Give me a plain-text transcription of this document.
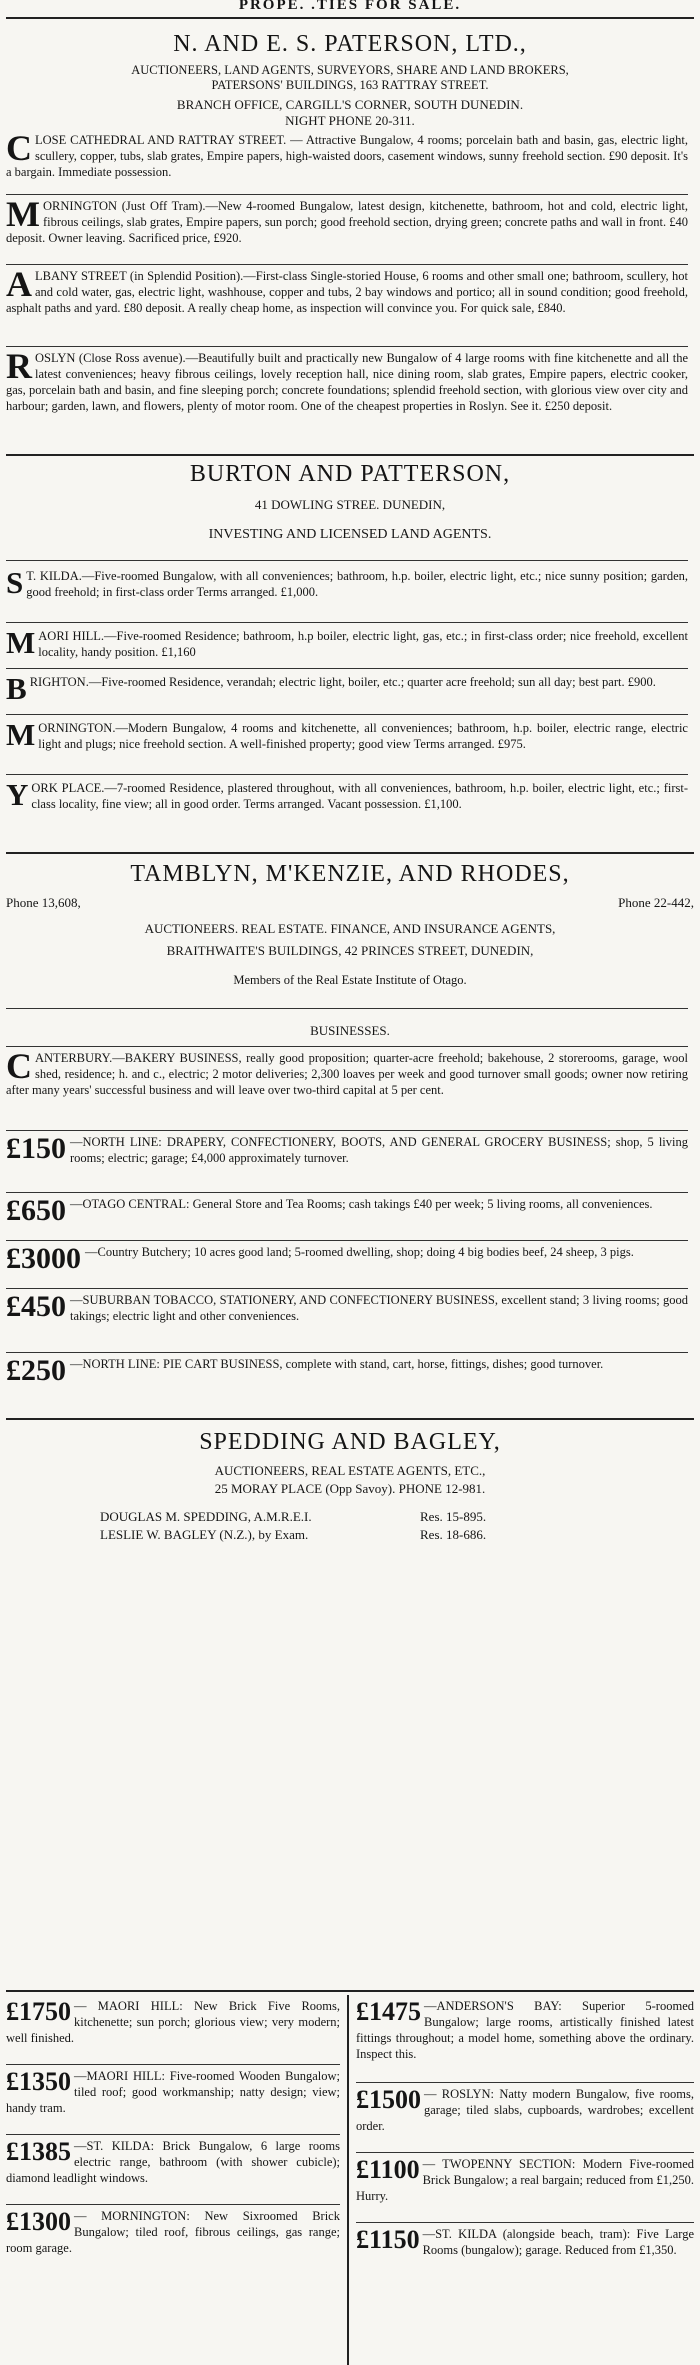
PROPE. .TIES FOR SALE.
N. AND E. S. PATERSON, LTD.,
AUCTIONEERS, LAND AGENTS, SURVEYORS, SHARE AND LAND BROKERS,
PATERSONS' BUILDINGS, 163 RATTRAY STREET.
BRANCH OFFICE, CARGILL'S CORNER, SOUTH DUNEDIN.
NIGHT PHONE 20-311.
CLOSE CATHEDRAL AND RATTRAY STREET. — Attractive Bungalow, 4 rooms; porcelain bath and basin, gas, electric light, scullery, copper, tubs, slab grates, Empire papers, high-waisted doors, casement windows, sunny freehold section. £90 deposit. It's a bargain. Immediate possession.
MORNINGTON (Just Off Tram).—New 4-roomed Bungalow, latest design, kitchenette, bathroom, hot and cold, electric light, fibrous ceilings, slab grates, Empire papers, sun porch; good freehold section, drying green; concrete paths and wall in front. £40 deposit. Owner leaving. Sacrificed price, £920.
ALBANY STREET (in Splendid Position).—First-class Single-storied House, 6 rooms and other small one; bathroom, scullery, hot and cold water, gas, electric light, washhouse, copper and tubs, 2 bay windows and portico; all in sound condition; good freehold, asphalt paths and yard. £80 deposit. A really cheap home, as inspection will convince you. For quick sale, £840.
ROSLYN (Close Ross avenue).—Beautifully built and practically new Bungalow of 4 large rooms with fine kitchenette and all the latest conveniences; heavy fibrous ceilings, lovely reception hall, nice dining room, slab grates, Empire papers, electric cooker, gas, porcelain bath and basin, and fine sleeping porch; concrete foundations; splendid freehold section, with glorious view over city and harbour; garden, lawn, and flowers, plenty of motor room. One of the cheapest properties in Roslyn. See it. £250 deposit.
BURTON AND PATTERSON,
41 DOWLING STREE. DUNEDIN,
INVESTING AND LICENSED LAND AGENTS.
S T. KILDA.—Five-roomed Bungalow, with all conveniences; bathroom, h.p. boiler, electric light, etc.; nice sunny position; garden, good freehold; in first-class order Terms arranged. £1,000.
MAORI HILL.—Five-roomed Residence; bathroom, h.p boiler, electric light, gas, etc.; in first-class order; nice freehold, excellent locality, handy position. £1,160
BRIGHTON.—Five-roomed Residence, verandah; electric light, boiler, etc.; quarter acre freehold; sun all day; best part. £900.
MORNINGTON.—Modern Bungalow, 4 rooms and kitchenette, all conveniences; bathroom, h.p. boiler, electric range, electric light and plugs; nice freehold section. A well-finished property; good view Terms arranged. £975.
YORK PLACE.—7-roomed Residence, plastered throughout, with all conveniences, bathroom, h.p. boiler, electric light, etc.; first-class locality, fine view; all in good order. Terms arranged. Vacant possession. £1,100.
TAMBLYN, M'KENZIE, AND RHODES,
Phone 13,608,	Phone 22-442,
AUCTIONEERS. REAL ESTATE. FINANCE, AND INSURANCE AGENTS,
BRAITHWAITE'S BUILDINGS, 42 PRINCES STREET, DUNEDIN,
Members of the Real Estate Institute of Otago.
BUSINESSES.
CANTERBURY.—BAKERY BUSINESS, really good proposition; quarter-acre freehold; bakehouse, 2 storerooms, garage, wool shed, residence; h. and c., electric; 2 motor deliveries; 2,300 loaves per week and good turnover small goods; owner now retiring after many years' successful business and will leave over two-third capital at 5 per cent.
£150 —NORTH LINE: DRAPERY, CONFECTIONERY, BOOTS, AND GENERAL GROCERY BUSINESS; shop, 5 living rooms; electric; garage; £4,000 approximately turnover.
£650 —OTAGO CENTRAL: General Store and Tea Rooms; cash takings £40 per week; 5 living rooms, all conveniences.
£3000 —Country Butchery; 10 acres good land; 5-roomed dwelling, shop; doing 4 big bodies beef, 24 sheep, 3 pigs.
£450 —SUBURBAN TOBACCO, STATIONERY, AND CONFECTIONERY BUSINESS, excellent stand; 3 living rooms; good takings; electric light and other conveniences.
£250 —NORTH LINE: PIE CART BUSINESS, complete with stand, cart, horse, fittings, dishes; good turnover.
SPEDDING AND BAGLEY,
AUCTIONEERS, REAL ESTATE AGENTS, ETC.,
25 MORAY PLACE (Opp Savoy). PHONE 12-981.
DOUGLAS M. SPEDDING, A.M.R.E.I.	Res. 15-895.
LESLIE W. BAGLEY (N.Z.), by Exam.	Res. 18-686.
£1750 — MAORI HILL: New Brick Five Rooms, kitchenette; sun porch; glorious view; very modern; well finished.
£1350 —MAORI HILL: Five-roomed Wooden Bungalow; tiled roof; good workmanship; natty design; view; handy tram.
£1385 —ST. KILDA: Brick Bungalow, 6 large rooms electric range, bathroom (with shower cubicle); diamond leadlight windows.
£1300 — MORNINGTON: New Sixroomed Brick Bungalow; tiled roof, fibrous ceilings, gas range; room garage.
£1475 —ANDERSON'S BAY: Superior 5-roomed Bungalow; large rooms, artistically finished latest fittings throughout; a model home, something above the ordinary. Inspect this.
£1500 — ROSLYN: Natty modern Bungalow, five rooms, garage; tiled slabs, cupboards, wardrobes; excellent order.
£1100 — TWOPENNY SECTION: Modern Five-roomed Brick Bungalow; a real bargain; reduced from £1,250. Hurry.
£1150 —ST. KILDA (alongside beach, tram): Five Large Rooms (bungalow); garage. Reduced from £1,350.
